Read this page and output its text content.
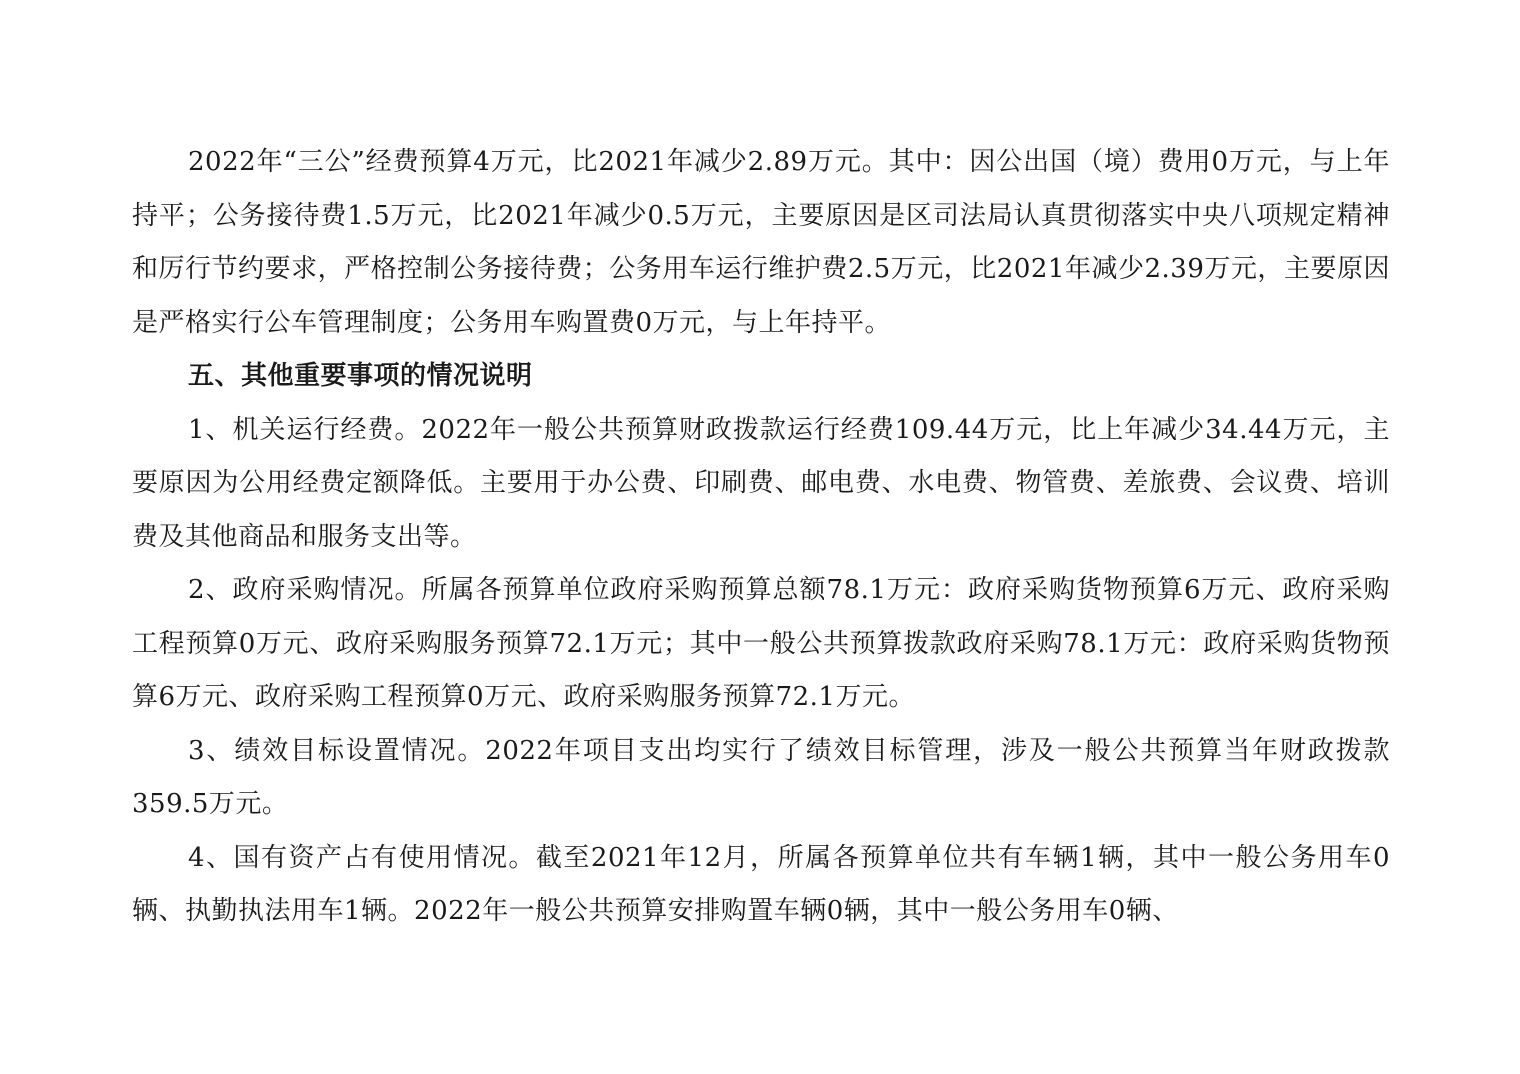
2022年“三公”经费预算4万元，比2021年减少2.89万元。其中：因公出国（境）费用0万元，与上年持平；公务接待费1.5万元，比2021年减少0.5万元，主要原因是区司法局认真贯彻落实中央八项规定精神和厉行节约要求，严格控制公务接待费；公务用车运行维护费2.5万元，比2021年减少2.39万元，主要原因是严格实行公车管理制度；公务用车购置费0万元，与上年持平。

五、其他重要事项的情况说明

1、机关运行经费。2022年一般公共预算财政拨款运行经费109.44万元，比上年减少34.44万元，主要原因为公用经费定额降低。主要用于办公费、印刷费、邮电费、水电费、物管费、差旅费、会议费、培训费及其他商品和服务支出等。

2、政府采购情况。所属各预算单位政府采购预算总额78.1万元：政府采购货物预算6万元、政府采购工程预算0万元、政府采购服务预算72.1万元；其中一般公共预算拨款政府采购78.1万元：政府采购货物预算6万元、政府采购工程预算0万元、政府采购服务预算72.1万元。

3、绩效目标设置情况。2022年项目支出均实行了绩效目标管理，涉及一般公共预算当年财政拨款359.5万元。

4、国有资产占有使用情况。截至2021年12月，所属各预算单位共有车辆1辆，其中一般公务用车0辆、执勤执法用车1辆。2022年一般公共预算安排购置车辆0辆，其中一般公务用车0辆、
